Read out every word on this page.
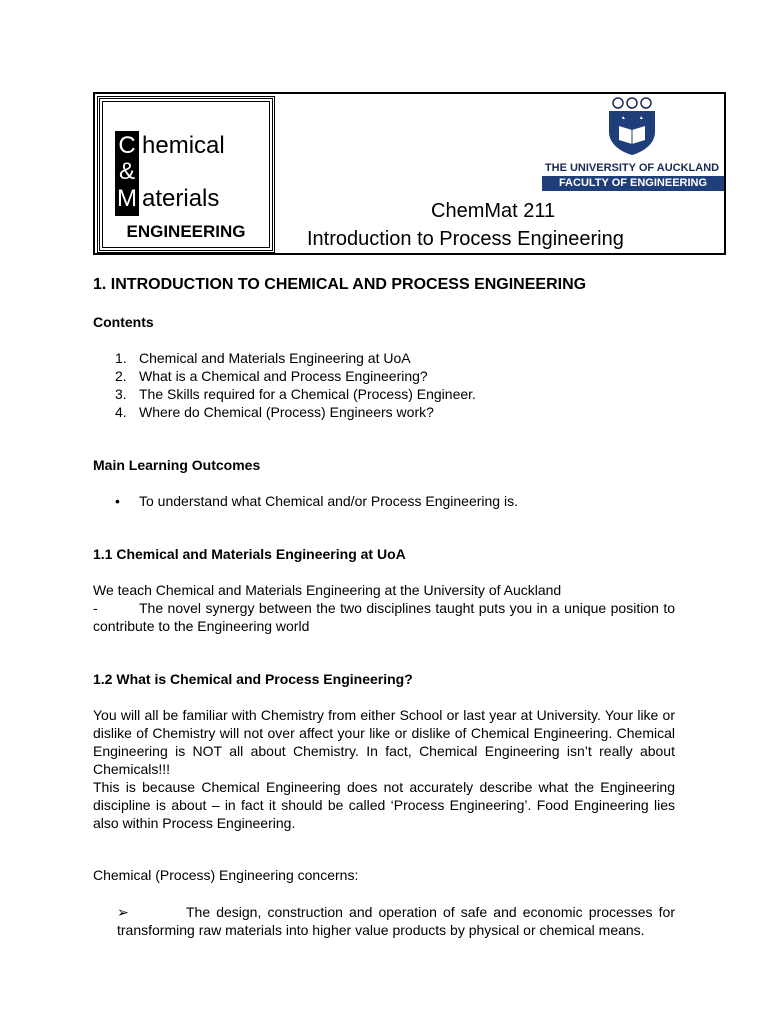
C
&
M
hemical
aterials
ENGINEERING
THE UNIVERSITY OF AUCKLAND
FACULTY OF ENGINEERING
ChemMat 211
Introduction to Process Engineering
1. INTRODUCTION TO CHEMICAL AND PROCESS ENGINEERING
Contents
1. Chemical and Materials Engineering at UoA
2. What is a Chemical and Process Engineering?
3. The Skills required for a Chemical (Process) Engineer.
4. Where do Chemical (Process) Engineers work?
Main Learning Outcomes
• To understand what Chemical and/or Process Engineering is.
1.1 Chemical and Materials Engineering at UoA
We teach Chemical and Materials Engineering at the University of Auckland
-	The novel synergy between the two disciplines taught puts you in a unique position to contribute to the Engineering world
1.2 What is Chemical and Process Engineering?
You will all be familiar with Chemistry from either School or last year at University. Your like or dislike of Chemistry will not over affect your like or dislike of Chemical Engineering. Chemical Engineering is NOT all about Chemistry. In fact, Chemical Engineering isn’t really about Chemicals!!!
This is because Chemical Engineering does not accurately describe what the Engineering discipline is about – in fact it should be called ‘Process Engineering’. Food Engineering lies also within Process Engineering.
Chemical (Process) Engineering concerns:
➢	The design, construction and operation of safe and economic processes for transforming raw materials into higher value products by physical or chemical means.
